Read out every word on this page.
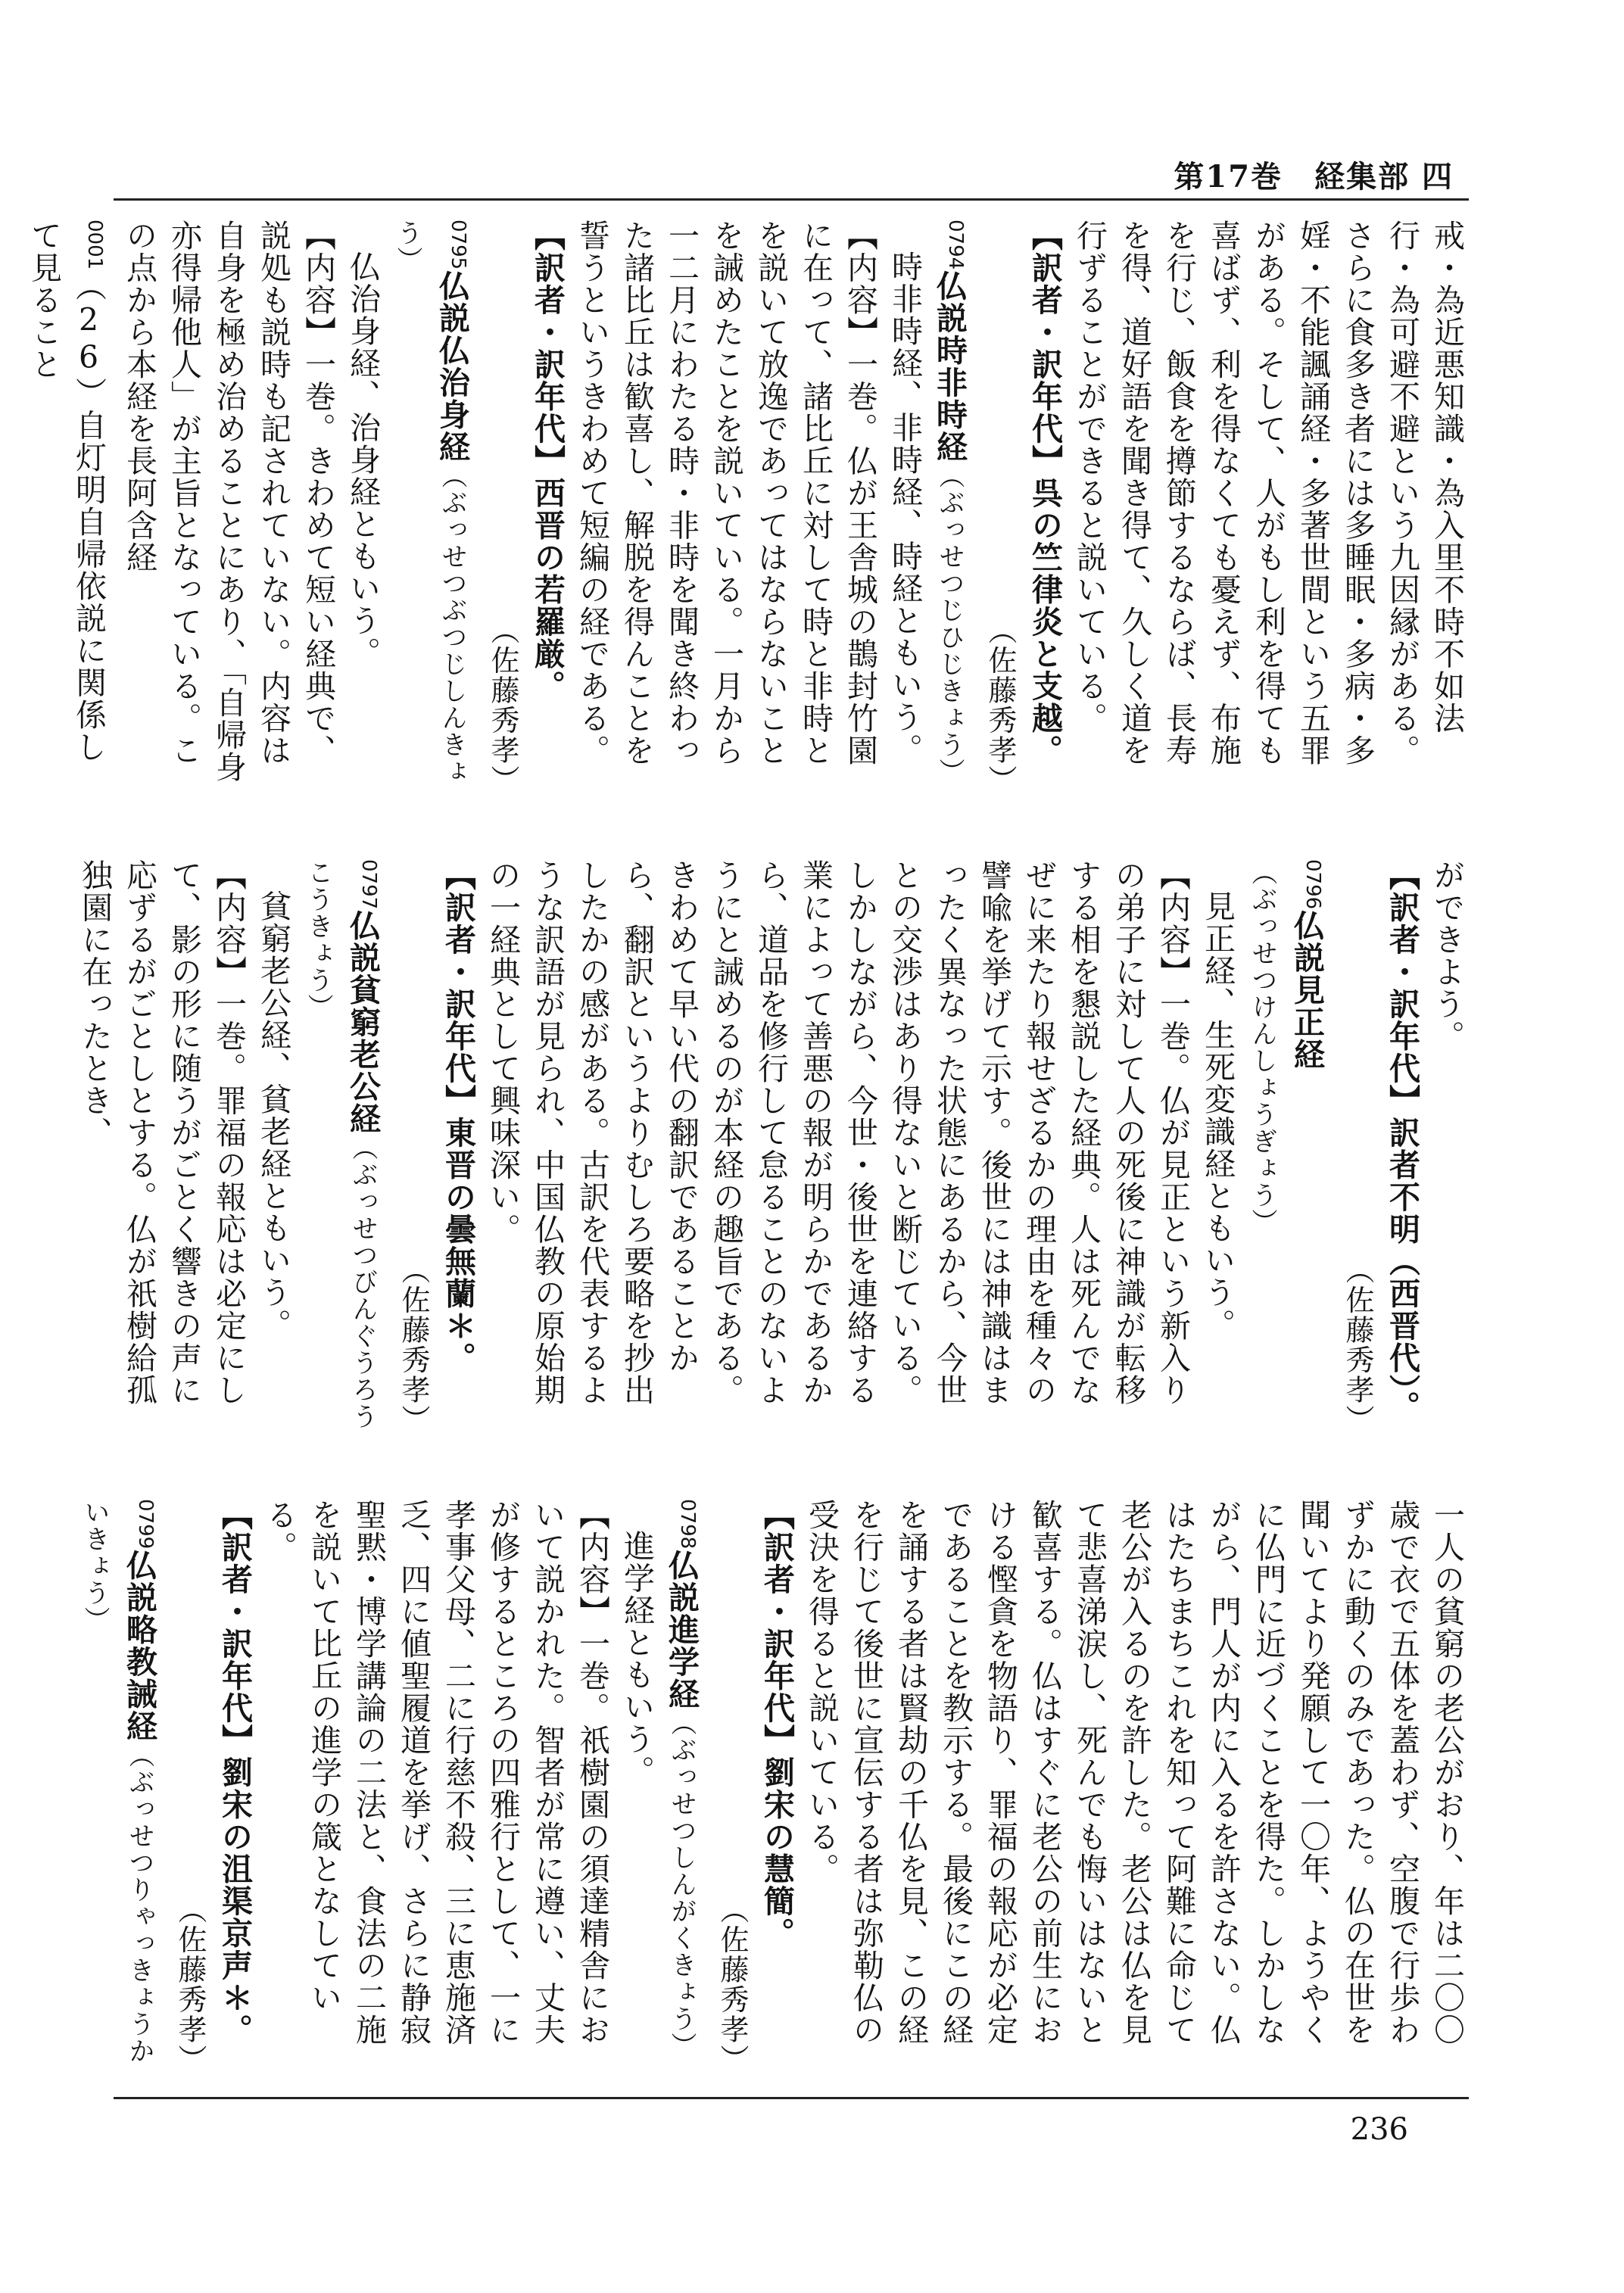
第17巻　経集部 四
戒・為近悪知識・為入里不時不如法行・為可避不避という九因縁がある。さらに食多き者には多睡眠・多病・多婬・不能諷誦経・多著世間という五罪がある。そして、人がもし利を得ても喜ばず、利を得なくても憂えず、布施を行じ、飯食を撙節するならば、長寿を得、道好語を聞き得て、久しく道を行ずることができると説いている。
【訳者・訳年代】呉の竺律炎と支越。
（佐藤秀孝）
0794仏説時非時経（ぶっせつじひじきょう）
時非時経、非時経、時経ともいう。
【内容】一巻。仏が王舎城の鵲封竹園に在って、諸比丘に対して時と非時とを説いて放逸であってはならないことを誡めたことを説いている。一月から一二月にわたる時・非時を聞き終わった諸比丘は歓喜し、解脱を得んことを誓うというきわめて短編の経である。
【訳者・訳年代】西晋の若羅厳。
（佐藤秀孝）
0795仏説仏治身経（ぶっせつぶつじしんきょう）
仏治身経、治身経ともいう。
【内容】一巻。きわめて短い経典で、説処も説時も記されていない。内容は自身を極め治めることにあり、「自帰身亦得帰他人」が主旨となっている。この点から本経を長阿含経
0001（26）自灯明自帰依説に関係して見ること
ができよう。
【訳者・訳年代】訳者不明（西晋代）。
（佐藤秀孝）
0796仏説見正経（ぶっせつけんしょうぎょう）
見正経、生死変識経ともいう。
【内容】一巻。仏が見正という新入りの弟子に対して人の死後に神識が転移する相を懇説した経典。人は死んでなぜに来たり報せざるかの理由を種々の譬喩を挙げて示す。後世には神識はまったく異なった状態にあるから、今世との交渉はあり得ないと断じている。しかしながら、今世・後世を連絡する業によって善悪の報が明らかであるから、道品を修行して怠ることのないようにと誡めるのが本経の趣旨である。きわめて早い代の翻訳であることから、翻訳というよりむしろ要略を抄出したかの感がある。古訳を代表するような訳語が見られ、中国仏教の原始期の一経典として興味深い。
【訳者・訳年代】東晋の曇無蘭＊。
（佐藤秀孝）
0797仏説貧窮老公経（ぶっせつびんぐうろうこうきょう）
貧窮老公経、貧老経ともいう。
【内容】一巻。罪福の報応は必定にして、影の形に随うがごとく響きの声に応ずるがごとしとする。仏が祇樹給孤独園に在ったとき、
一人の貧窮の老公がおり、年は二〇〇歳で衣で五体を蓋わず、空腹で行歩わずかに動くのみであった。仏の在世を聞いてより発願して一〇年、ようやくに仏門に近づくことを得た。しかしながら、門人が内に入るを許さない。仏はたちまちこれを知って阿難に命じて老公が入るのを許した。老公は仏を見て悲喜涕涙し、死んでも悔いはないと歓喜する。仏はすぐに老公の前生における慳貪を物語り、罪福の報応が必定であることを教示する。最後にこの経を誦する者は賢劫の千仏を見、この経を行じて後世に宣伝する者は弥勒仏の受決を得ると説いている。
【訳者・訳年代】劉宋の慧簡。
（佐藤秀孝）
0798仏説進学経（ぶっせつしんがくきょう）
進学経ともいう。
【内容】一巻。祇樹園の須達精舎において説かれた。智者が常に遵い、丈夫が修するところの四雅行として、一に孝事父母、二に行慈不殺、三に恵施済乏、四に値聖履道を挙げ、さらに静寂聖黙・博学講論の二法と、食法の二施を説いて比丘の進学の箴となしている。
【訳者・訳年代】劉宋の沮渠京声＊。
（佐藤秀孝）
0799仏説略教誡経（ぶっせつりゃっきょうかいきょう）
236
